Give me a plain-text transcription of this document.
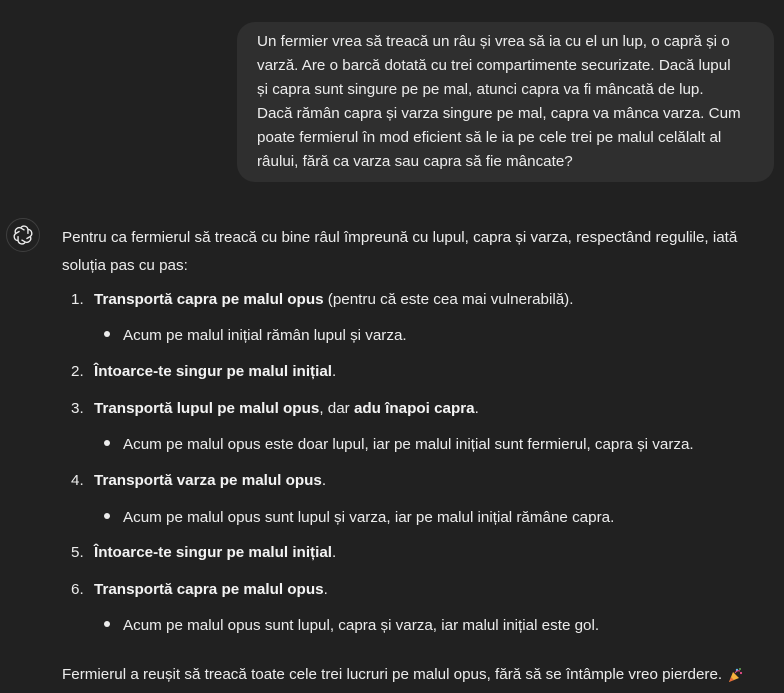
Un fermier vrea să treacă un râu și vrea să ia cu el un lup, o capră și o
varză. Are o barcă dotată cu trei compartimente securizate. Dacă lupul
și capra sunt singure pe pe mal, atunci capra va fi mâncată de lup.
Dacă rămân capra și varza singure pe mal, capra va mânca varza. Cum
poate fermierul în mod eficient să le ia pe cele trei pe malul celălalt al
râului, fără ca varza sau capra să fie mâncate?
Pentru ca fermierul să treacă cu bine râul împreună cu lupul, capra și varza, respectând regulile, iată
soluția pas cu pas:
1. Transportă capra pe malul opus (pentru că este cea mai vulnerabilă).
Acum pe malul inițial rămân lupul și varza.
2. Întoarce-te singur pe malul inițial.
3. Transportă lupul pe malul opus, dar adu înapoi capra.
Acum pe malul opus este doar lupul, iar pe malul inițial sunt fermierul, capra și varza.
4. Transportă varza pe malul opus.
Acum pe malul opus sunt lupul și varza, iar pe malul inițial rămâne capra.
5. Întoarce-te singur pe malul inițial.
6. Transportă capra pe malul opus.
Acum pe malul opus sunt lupul, capra și varza, iar malul inițial este gol.
Fermierul a reușit să treacă toate cele trei lucruri pe malul opus, fără să se întâmple vreo pierdere.
